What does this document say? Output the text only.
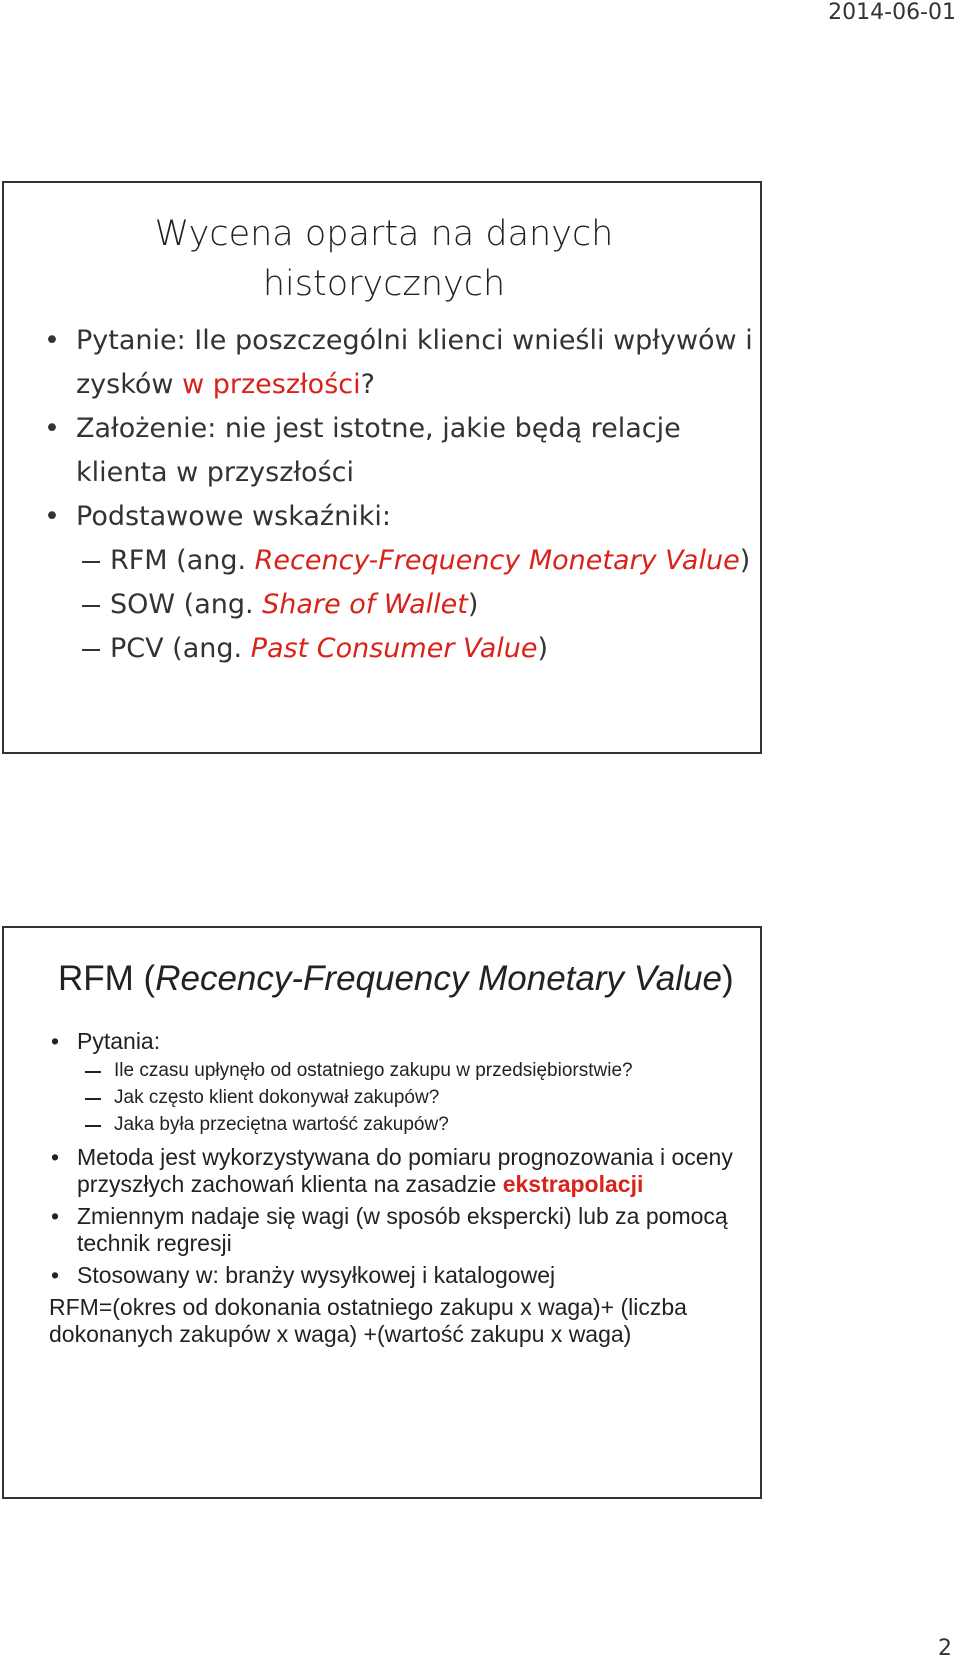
2014-06-01
Wycena oparta na danych
historycznych
• Pytanie: Ile poszczególni klienci wnieśli wpływów i zysków w przeszłości?
• Założenie: nie jest istotne, jakie będą relacje klienta w przyszłości
• Podstawowe wskaźniki:
RFM (ang. Recency-Frequency Monetary Value)
SOW (ang. Share of Wallet)
PCV (ang. Past Consumer Value)
RFM (Recency-Frequency Monetary Value)
• Pytania:
Ile czasu upłynęło od ostatniego zakupu w przedsiębiorstwie?
Jak często klient dokonywał zakupów?
Jaka była przeciętna wartość zakupów?
• Metoda jest wykorzystywana do pomiaru prognozowania i oceny przyszłych zachowań klienta na zasadzie ekstrapolacji
• Zmiennym nadaje się wagi (w sposób ekspercki) lub za pomocą technik regresji
• Stosowany w: branży wysyłkowej i katalogowej
RFM=(okres od dokonania ostatniego zakupu x waga)+ (liczba dokonanych zakupów x waga) +(wartość zakupu x waga)
2
